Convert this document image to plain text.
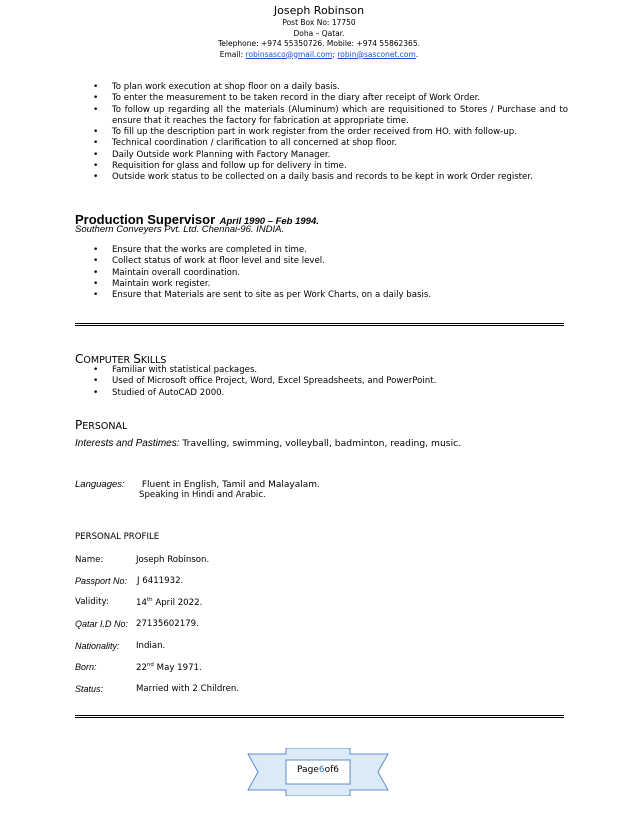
Joseph Robinson
Post Box No: 17750
Doha – Qatar.
Telephone: +974 55350726. Mobile: +974 55862365.
Email: robinsasco@gmail.com; robin@sasconet.com.
• To plan work execution at shop floor on a daily basis.
• To enter the measurement to be taken record in the diary after receipt of Work Order.
• To follow up regarding all the materials (Aluminum) which are requisitioned to Stores / Purchase and to ensure that it reaches the factory for fabrication at appropriate time.
• To fill up the description part in work register from the order received from HO. with follow-up.
• Technical coordination / clarification to all concerned at shop floor.
• Daily Outside work Planning with Factory Manager.
• Requisition for glass and follow up for delivery in time.
• Outside work status to be collected on a daily basis and records to be kept in work Order register.
Production Supervisor April 1990 – Feb 1994.
Southern Conveyers Pvt. Ltd. Chennai-96. INDIA.
• Ensure that the works are completed in time.
• Collect status of work at floor level and site level.
• Maintain overall coordination.
• Maintain work register.
• Ensure that Materials are sent to site as per Work Charts, on a daily basis.
COMPUTER SKILLS
• Familiar with statistical packages.
• Used of Microsoft office Project, Word, Excel Spreadsheets, and PowerPoint.
• Studied of AutoCAD 2000.
PERSONAL
Interests and Pastimes: Travelling, swimming, volleyball, badminton, reading, music.
Languages: Fluent in English, Tamil and Malayalam.
Speaking in Hindi and Arabic.
PERSONAL PROFILE
Name:	Joseph Robinson.
Passport No: J 6411932.
Validity:	14th April 2022.
Qatar I.D No: 27135602179.
Nationality: Indian.
Born:	22nd May 1971.
Status:	Married with 2 Children.
Page6of6
